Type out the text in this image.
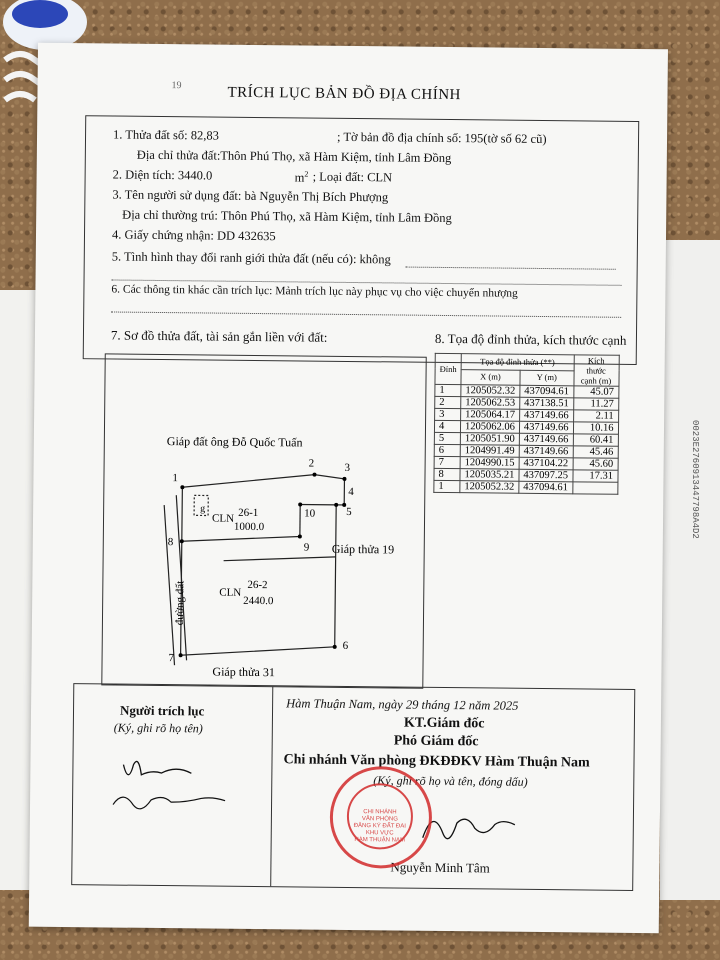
0023E2760913447798A4D2
TRÍCH LỤC BẢN ĐỒ ĐỊA CHÍNH
19
1. Thửa đất số: 82,83	; Tờ bản đồ địa chính số: 195(tờ số 62 cũ)
Địa chỉ thửa đất:Thôn Phú Thọ, xã Hàm Kiệm, tỉnh Lâm Đồng
2. Diện tích: 3440.0	$m^2$ ; Loại đất: CLN
3. Tên người sử dụng đất: bà Nguyễn Thị Bích Phượng
Địa chỉ thường trú: Thôn Phú Thọ, xã Hàm Kiệm, tỉnh Lâm Đồng
4. Giấy chứng nhận: DD 432635
5. Tình hình thay đổi ranh giới thửa đất (nếu có): không
6. Các thông tin khác cần trích lục: Mảnh trích lục này phục vụ cho việc chuyển nhượng
7. Sơ đồ thửa đất, tài sản gắn liền với đất:	8. Tọa độ đỉnh thửa, kích thước cạnh
1
2	3
4
5
6
7
8	9
10
g
CLN 26-1
1000.0
CLN
26-2
2440.0
Giáp đất ông Đỗ Quốc Tuấn
Giáp thửa 19
Giáp thửa 31
đường đất
Đỉnh	Tọa độ đỉnh thửa (**)		Kích thước cạnh (m)
	X (m)	Y (m)	
1	1205052.32	437094.61	45.07
2	1205062.53	437138.51	11.27
3	1205064.17	437149.66	2.11
4	1205062.06	437149.66	10.16
5	1205051.90	437149.66	60.41
6	1204991.49	437149.66	45.46
7	1204990.15	437104.22	45.60
8	1205035.21	437097.25	17.31
1	1205052.32	437094.61	
Người trích lục
(Ký, ghi rõ họ tên)
Hàm Thuận Nam, ngày 29 tháng 12 năm 2025
KT.Giám đốc
Phó Giám đốc
Chi nhánh Văn phòng ĐKĐĐKV Hàm Thuận Nam
(Ký, ghi rõ họ và tên, đóng dấu)
Nguyễn Minh Tâm
CHI NHÁNH
VĂN PHÒNG
ĐĂNG KÝ ĐẤT ĐAI
KHU VỰC
HÀM THUẬN NAM
